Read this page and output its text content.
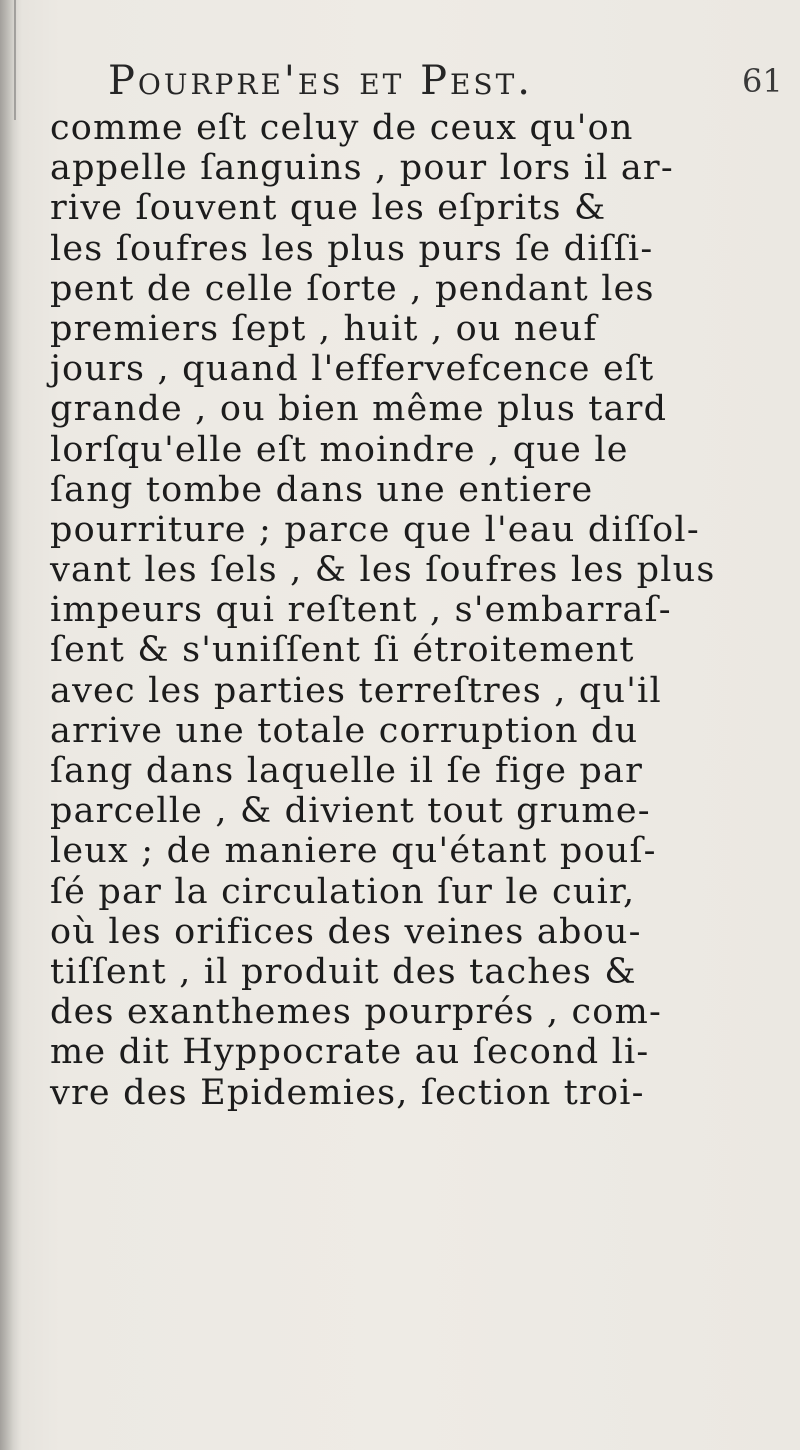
Pourpre'es et Pest.	61
comme eſt celuy de ceux qu'on
appelle ſanguins , pour lors il ar-
rive ſouvent que les eſprits &
les ſoufres les plus purs ſe diſſi-
pent de celle ſorte , pendant les
premiers ſept , huit , ou neuf
jours , quand l'effervefcence eſt
grande , ou bien même plus tard
lorſqu'elle eſt moindre , que le
ſang tombe dans une entiere
pourriture ; parce que l'eau diſſol-
vant les ſels , & les ſoufres les plus
impeurs qui reſtent , s'embarraſ-
ſent & s'uniſſent ſi étroitement
avec les parties terreſtres , qu'il
arrive une totale corruption du
ſang dans laquelle il ſe fige par
parcelle , & divient tout grume-
leux ; de maniere qu'étant pouſ-
ſé par la circulation ſur le cuir,
où les orifices des veines abou-
tiſſent , il produit des taches &
des exanthemes pourprés , com-
me dit Hyppocrate au ſecond li-
vre des Epidemies, ſection troi-
